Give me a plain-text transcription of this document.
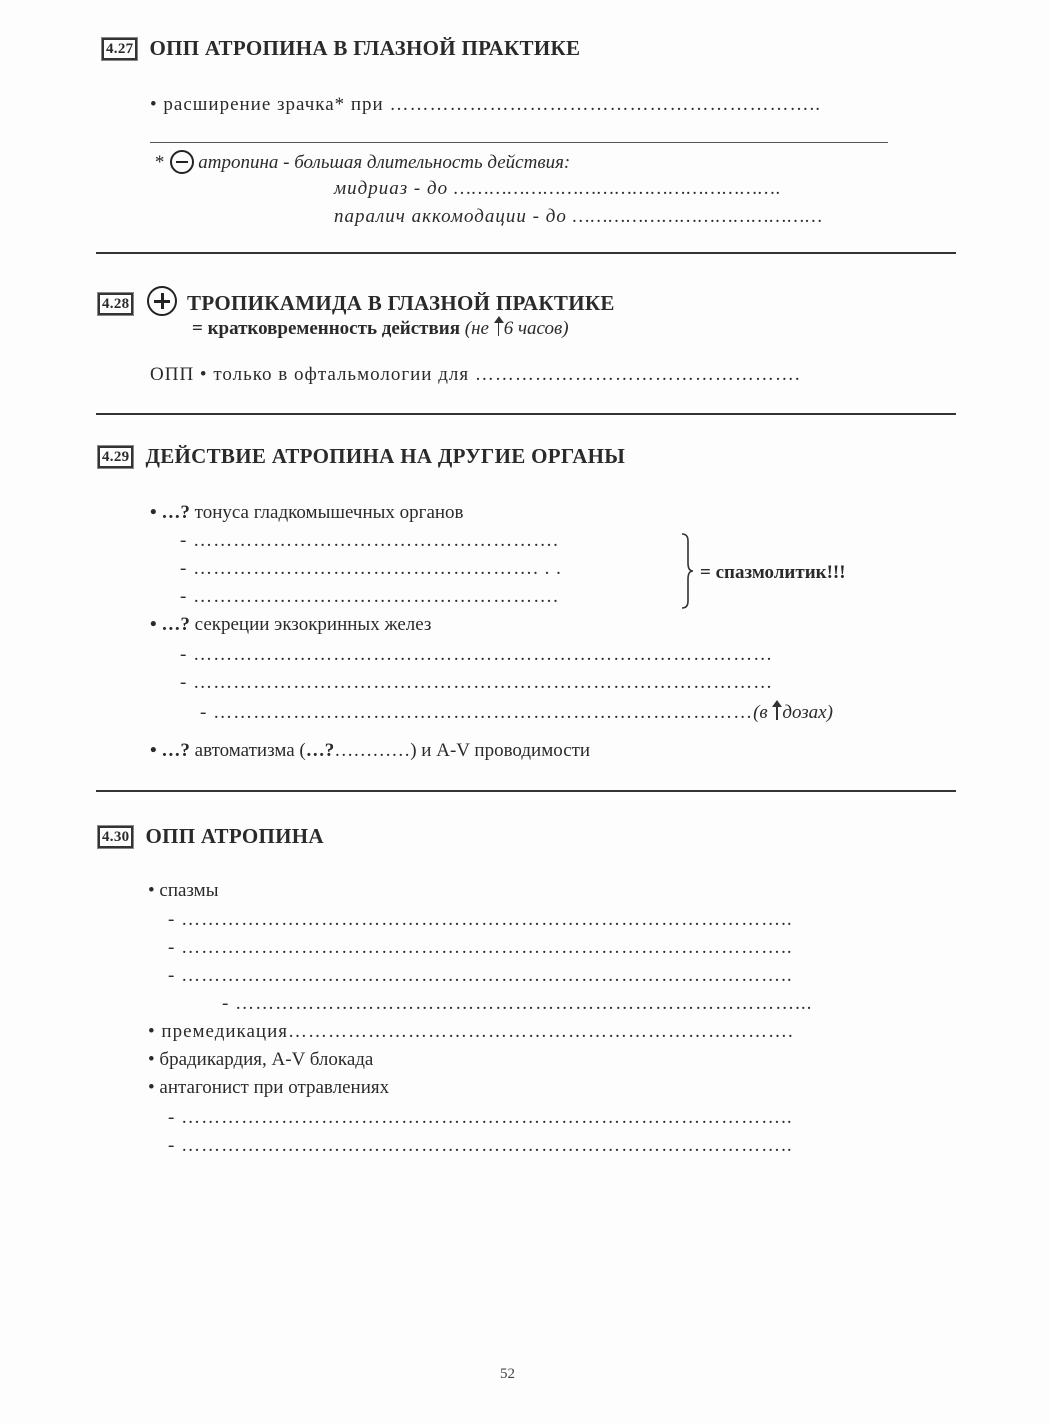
4.27 ОПП АТРОПИНА В ГЛАЗНОЙ ПРАКТИКЕ
• расширение зрачка* при ………………………………………………………..
* атропина - большая длительность действия:
мидриаз - до ……………………………………………….
паралич аккомодации - до ……………………………………
4.28	ТРОПИКАМИДА В ГЛАЗНОЙ ПРАКТИКЕ
= кратковременность действия (не 6 часов)
ОПП • только в офтальмологии для ………………………………………….
4.29 ДЕЙСТВИЕ АТРОПИНА НА ДРУГИЕ ОРГАНЫ
• …? тонуса гладкомышечных органов
- ……………………………………………….
- ……………………………………………. . .
- ……………………………………………….
= спазмолитик!!!
• …? секреции экзокринных желез
- ……………………………………………………………………………
- ……………………………………………………………………………
- ………………………………………………………………………(в дозах)
• …? автоматизма (…?…………) и A-V проводимости
4.30 ОПП АТРОПИНА
• спазмы
- ………………………………………………………………………………..
- ………………………………………………………………………………..
- ………………………………………………………………………………..
- …………………………………………………………………………...
• премедикация………………………………………………………………….
• брадикардия, A-V блокада
• антагонист при отравлениях
- ………………………………………………………………………………..
- ………………………………………………………………………………..
52
